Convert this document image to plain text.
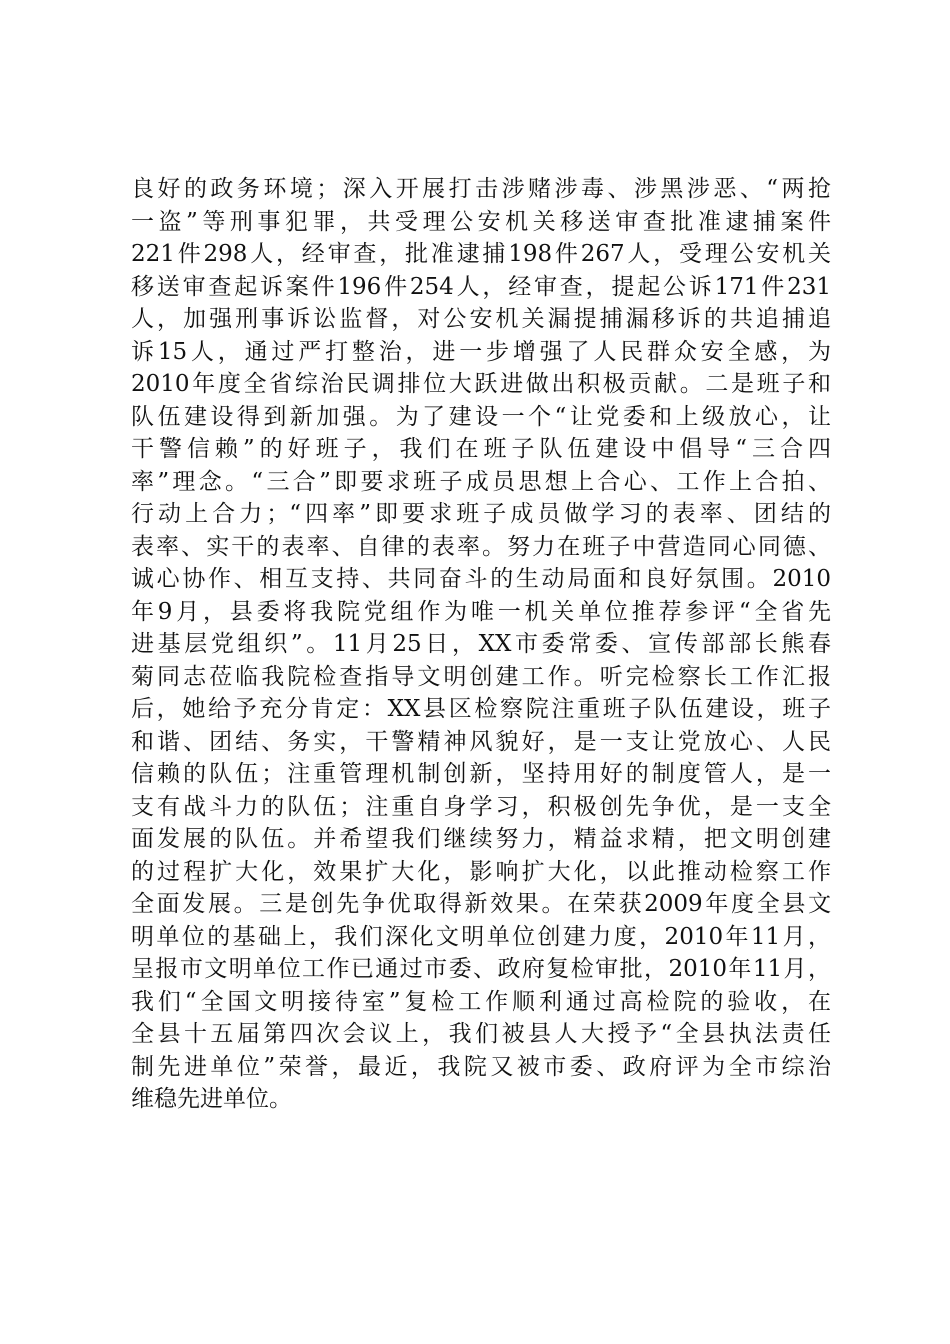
良好的政务环境；深入开展打击涉赌涉毒、涉黑涉恶、“两抢
一盗”等刑事犯罪，共受理公安机关移送审查批准逮捕案件
221件298人，经审查，批准逮捕198件267人，受理公安机关
移送审查起诉案件196件254人，经审查，提起公诉171件231
人，加强刑事诉讼监督，对公安机关漏提捕漏移诉的共追捕追
诉15人，通过严打整治，进一步增强了人民群众安全感，为
2010年度全省综治民调排位大跃进做出积极贡献。二是班子和
队伍建设得到新加强。为了建设一个“让党委和上级放心，让
干警信赖”的好班子，我们在班子队伍建设中倡导“三合四
率”理念。“三合”即要求班子成员思想上合心、工作上合拍、
行动上合力；“四率”即要求班子成员做学习的表率、团结的
表率、实干的表率、自律的表率。努力在班子中营造同心同德、
诚心协作、相互支持、共同奋斗的生动局面和良好氛围。2010
年9月，县委将我院党组作为唯一机关单位推荐参评“全省先
进基层党组织”。11月25日，XX市委常委、宣传部部长熊春
菊同志莅临我院检查指导文明创建工作。听完检察长工作汇报
后，她给予充分肯定：XX县区检察院注重班子队伍建设，班子
和谐、团结、务实，干警精神风貌好，是一支让党放心、人民
信赖的队伍；注重管理机制创新，坚持用好的制度管人，是一
支有战斗力的队伍；注重自身学习，积极创先争优，是一支全
面发展的队伍。并希望我们继续努力，精益求精，把文明创建
的过程扩大化，效果扩大化，影响扩大化，以此推动检察工作
全面发展。三是创先争优取得新效果。在荣获2009年度全县文
明单位的基础上，我们深化文明单位创建力度，2010年11月，
呈报市文明单位工作已通过市委、政府复检审批，2010年11月，
我们“全国文明接待室”复检工作顺利通过高检院的验收，在
全县十五届第四次会议上，我们被县人大授予“全县执法责任
制先进单位”荣誉，最近，我院又被市委、政府评为全市综治
维稳先进单位。
